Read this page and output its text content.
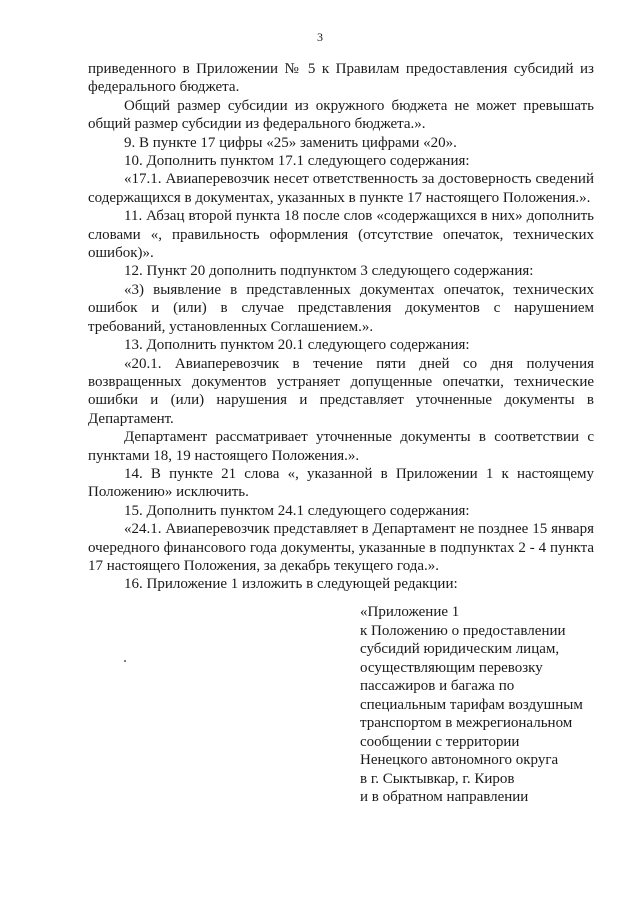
3

приведенного в Приложении № 5 к Правилам предоставления субсидий из федерального бюджета.

Общий размер субсидии из окружного бюджета не может превышать общий размер субсидии из федерального бюджета.».

9. В пункте 17 цифры «25» заменить цифрами «20».

10. Дополнить пунктом 17.1 следующего содержания:

«17.1. Авиаперевозчик несет ответственность за достоверность сведений содержащихся в документах, указанных в пункте 17 настоящего Положения.».

11. Абзац второй пункта 18 после слов «содержащихся в них» дополнить словами «, правильность оформления (отсутствие опечаток, технических ошибок)».

12. Пункт 20 дополнить подпунктом 3 следующего содержания:

«3) выявление в представленных документах опечаток, технических ошибок и (или) в случае представления документов с нарушением требований, установленных Соглашением.».

13. Дополнить пунктом 20.1 следующего содержания:

«20.1. Авиаперевозчик в течение пяти дней со дня получения возвращенных документов устраняет допущенные опечатки, технические ошибки и (или) нарушения и представляет уточненные документы в Департамент.

Департамент рассматривает уточненные документы в соответствии с пунктами 18, 19 настоящего Положения.».

14. В пункте 21 слова «, указанной в Приложении 1 к настоящему Положению» исключить.

15. Дополнить пунктом 24.1 следующего содержания:

«24.1. Авиаперевозчик представляет в Департамент не позднее 15 января очередного финансового года документы, указанные в подпунктах 2 - 4 пункта 17 настоящего Положения, за декабрь текущего года.».

16. Приложение 1 изложить в следующей редакции:

«Приложение 1
к Положению о предоставлении
субсидий юридическим лицам,
осуществляющим перевозку
пассажиров и багажа по
специальным тарифам воздушным
транспортом в межрегиональном
сообщении с территории
Ненецкого автономного округа
в г. Сыктывкар, г. Киров
и в обратном направлении
